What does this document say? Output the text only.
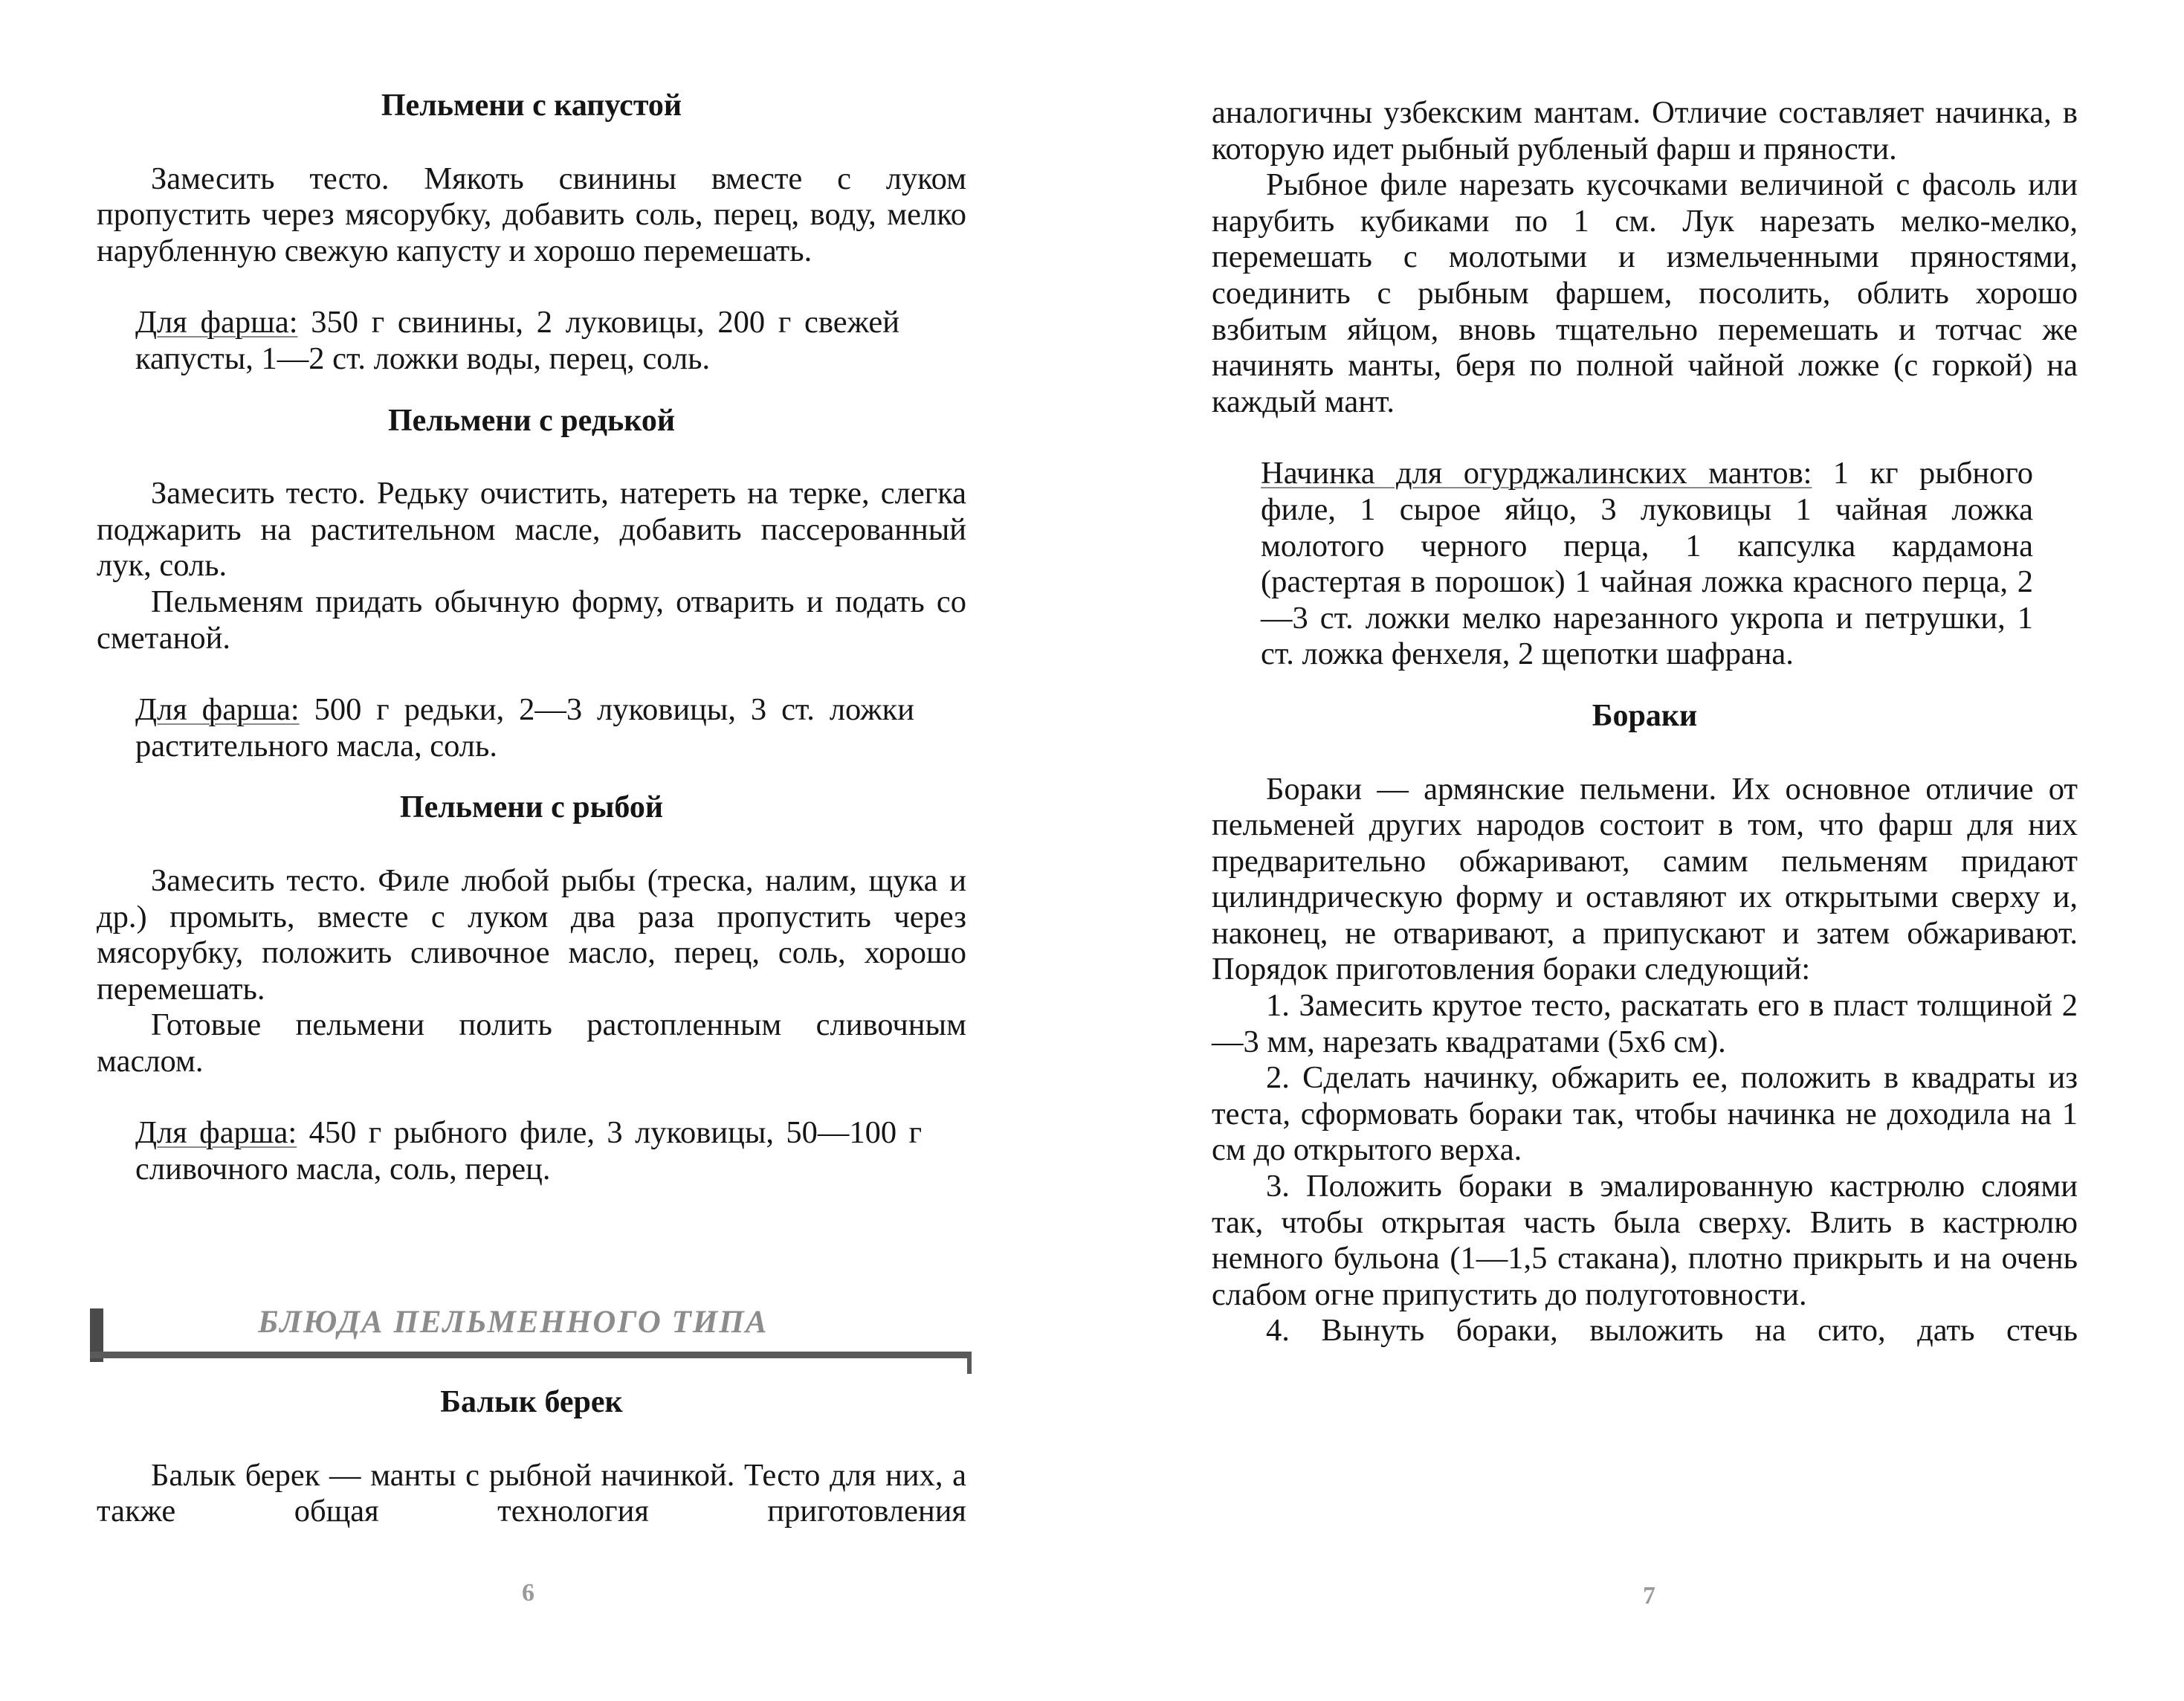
Пельмени с капустой

Замесить тесто. Мякоть свинины вместе с луком пропустить через мясорубку, добавить соль, перец, воду, мелко нарубленную свежую капусту и хорошо перемешать.

Для фарша: 350 г свинины, 2 луковицы, 200 г свежей капусты, 1—2 ст. ложки воды, перец, соль.

Пельмени с редькой

Замесить тесто. Редьку очистить, натереть на терке, слегка поджарить на растительном масле, добавить пассерованный лук, соль.

Пельменям придать обычную форму, отварить и подать со сметаной.

Для фарша: 500 г редьки, 2—3 луковицы, 3 ст. ложки растительного масла, соль.

Пельмени с рыбой

Замесить тесто. Филе любой рыбы (треска, налим, щука и др.) промыть, вместе с луком два раза пропустить через мясорубку, положить сливочное масло, перец, соль, хорошо перемешать.

Готовые пельмени полить растопленным сливочным маслом.

Для фарша: 450 г рыбного филе, 3 луковицы, 50—100 г сливочного масла, соль, перец.

БЛЮДА ПЕЛЬМЕННОГО ТИПА

Балык берек

Балык берек — манты с рыбной начинкой. Тесто для них, а также общая технология приготовления

6

аналогичны узбекским мантам. Отличие составляет начинка, в которую идет рыбный рубленый фарш и пряности.

Рыбное филе нарезать кусочками величиной с фасоль или нарубить кубиками по 1 см. Лук нарезать мелко-мелко, перемешать с молотыми и измельченными пряностями, соединить с рыбным фаршем, посолить, облить хорошо взбитым яйцом, вновь тщательно перемешать и тотчас же начинять манты, беря по полной чайной ложке (с горкой) на каждый мант.

Начинка для огурджалинских мантов: 1 кг рыбного филе, 1 сырое яйцо, 3 луковицы 1 чайная ложка молотого черного перца, 1 капсулка кардамона (растертая в порошок) 1 чайная ложка красного перца, 2—3 ст. ложки мелко нарезанного укропа и петрушки, 1 ст. ложка фенхеля, 2 щепотки шафрана.

Бораки

Бораки — армянские пельмени. Их основное отличие от пельменей других народов состоит в том, что фарш для них предварительно обжаривают, самим пельменям придают цилиндрическую форму и оставляют их открытыми сверху и, наконец, не отваривают, а припускают и затем обжаривают. Порядок приготовления бораки следующий:

1. Замесить крутое тесто, раскатать его в пласт толщиной 2—3 мм, нарезать квадратами (5x6 см).

2. Сделать начинку, обжарить ее, положить в квадраты из теста, сформовать бораки так, чтобы начинка не доходила на 1 см до открытого верха.

3. Положить бораки в эмалированную кастрюлю слоями так, чтобы открытая часть была сверху. Влить в кастрюлю немного бульона (1—1,5 стакана), плотно прикрыть и на очень слабом огне припустить до полуготовности.

4. Вынуть бораки, выложить на сито, дать стечь

7
